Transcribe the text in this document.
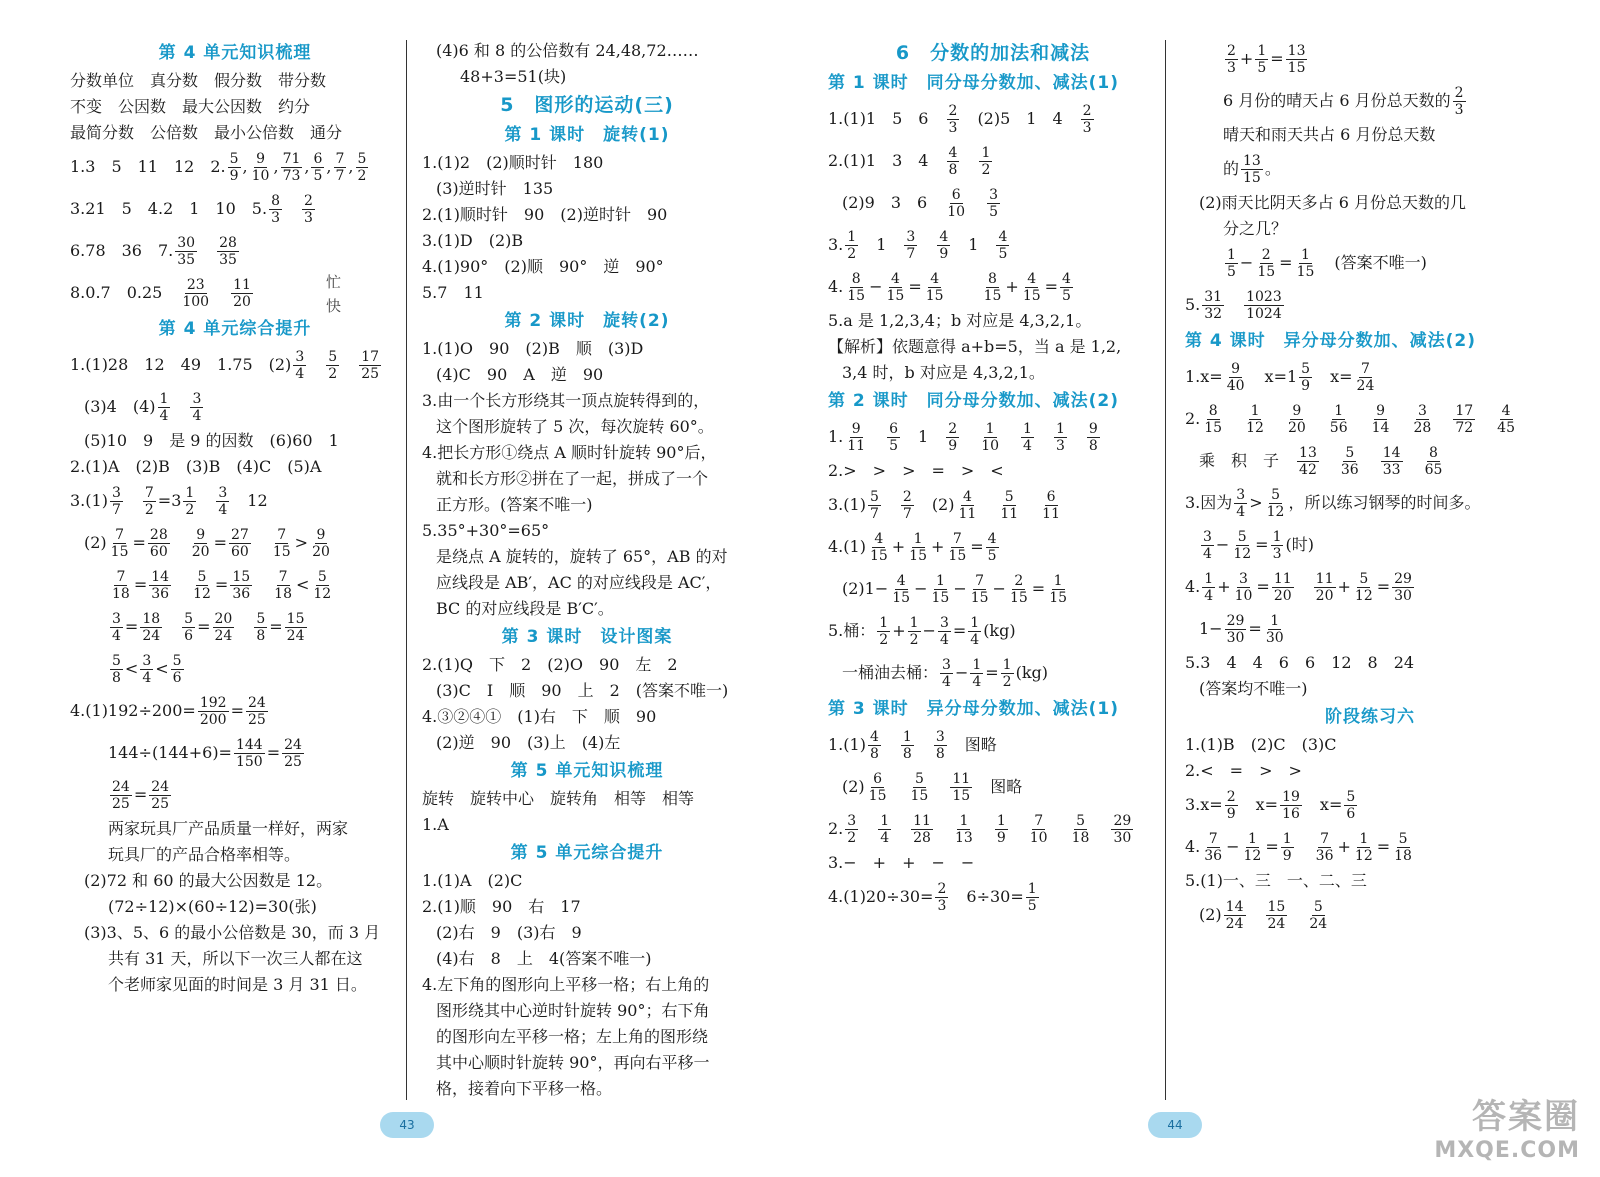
第 4 单元知识梳理
分数单位　真分数　假分数　带分数
不变　公因数　最大公因数　约分
最简分数　公倍数　最小公倍数　通分
1.3　5　11　12　2. $\frac{5}{9}$ , $\frac{9}{10}$ , $\frac{71}{73}$ , $\frac{6}{5}$ , $\frac{7}{7}$ , $\frac{5}{2}$
3.21　5　4.2　1　10　5. $\frac{8}{3}$
　 $\frac{2}{3}$
6.78　36　7. $\frac{30}{35}$
　 $\frac{28}{35}$
8.0.7　0.25　 $\frac{23}{100}$
　 $\frac{11}{20}$
第 4 单元综合提升
1.(1)28　12　49　1.75　$(2) \frac{3}{4}$
　 $\frac{5}{2}$
　 $\frac{17}{25}$
(3)4　$(4) \frac{1}{4}$
　 $\frac{3}{4}$
(5)10　9　是 9 的因数　(6)60　1
2.(1)A　(2)B　(3)B　(4)C　(5)A
$3.(1) \frac{3}{7}$
　 $\frac{7}{2} =3 \frac{1}{2}$
　 $\frac{3}{4}$
　 12
$(2) \frac{7}{15} = \frac{28}{60}$
　 $\frac{9}{20} = \frac{27}{60}$
　 $\frac{7}{15} > \frac{9}{20}$
$\frac{7}{18} = \frac{14}{36}$
　 $\frac{5}{12} = \frac{15}{36}$
　 $\frac{7}{18} < \frac{5}{12}$
$\frac{3}{4} = \frac{18}{24}$
　 $\frac{5}{6} = \frac{20}{24}$
　 $\frac{5}{8} = \frac{15}{24}$
$\frac{5}{8} < \frac{3}{4} < \frac{5}{6}$
$4.(1)192\div 200= \frac{192}{200} = \frac{24}{25}$
$144\div(144+6)= \frac{144}{150} = \frac{24}{25}$
$\frac{24}{25} = \frac{24}{25}$
两家玩具厂产品质量一样好，两家
玩具厂的产品合格率相等。
(2)72 和 60 的最大公因数是 12。
(72÷12)×(60÷12)=30(张)
(3)3、5、6 的最小公倍数是 30，而 3 月
共有 31 天，所以下一次三人都在这
个老师家见面的时间是 3 月 31 日。
忙
快
(4)6 和 8 的公倍数有 24,48,72……
48+3=51(块)
5　图形的运动(三)
第 1 课时　旋转(1)
1.(1)2　(2)顺时针　180
(3)逆时针　135
2.(1)顺时针　90　(2)逆时针　90
3.(1)D　(2)B
4.(1)90°　(2)顺　90°　逆　90°
5.7　11
第 2 课时　旋转(2)
1.(1)O　90　(2)B　顺　(3)D
(4)C　90　A　逆　90
3.由一个长方形绕其一顶点旋转得到的，
这个图形旋转了 5 次，每次旋转 60°。
4.把长方形①绕点 A 顺时针旋转 90°后，
就和长方形②拼在了一起，拼成了一个
正方形。(答案不唯一)
5.35°+30°=65°
是绕点 A 旋转的，旋转了 65°，AB 的对
应线段是 AB′，AC 的对应线段是 AC′，
BC 的对应线段是 B′C′。
第 3 课时　设计图案
2.(1)Q　下　2　(2)O　90　左　2
(3)C　I　顺　90　上　2　(答案不唯一)
4.③②④①　(1)右　下　顺　90
(2)逆　90　(3)上　(4)左
第 5 单元知识梳理
旋转　旋转中心　旋转角　相等　相等
1.A
第 5 单元综合提升
1.(1)A　(2)C
2.(1)顺　90　右　17
(2)右　9　(3)右　9
(4)右　8　上　4(答案不唯一)
4.左下角的图形向上平移一格；右上角的
图形绕其中心逆时针旋转 90°；右下角
的图形向左平移一格；左上角的图形绕
其中心顺时针旋转 90°，再向右平移一
格，接着向下平移一格。
43
6　分数的加法和减法
第 1 课时　同分母分数加、减法(1)
1.(1)1　5　6　 $\frac{2}{3}$
　 (2)5　1　4　 $\frac{2}{3}$
2.(1)1　3　4　 $\frac{4}{8}$
　 $\frac{1}{2}$
(2)9　3　6　 $\frac{6}{10}$
　 $\frac{3}{5}$
3. $\frac{1}{2}$
　 1　 $\frac{3}{7}$
　 $\frac{4}{9}$
　 1　 $\frac{4}{5}$
4. $\frac{8}{15} - \frac{4}{15} = \frac{4}{15}$
　　	$\frac{8}{15} + \frac{4}{15} = \frac{4}{5}$
5.a 是 1,2,3,4；b 对应是 4,3,2,1。
【解析】依题意得 a+b=5，当 a 是 1,2,
3,4 时，b 对应是 4,3,2,1。
第 2 课时　同分母分数加、减法(2)
1. $\frac{9}{11}$
　 $\frac{6}{5}$
　 1　 $\frac{2}{9}$
　 $\frac{1}{10}$
　 $\frac{1}{4}$
　 $\frac{1}{3}$
　 $\frac{9}{8}$
2.>　>　>　=　>　<
$3.(1) \frac{5}{7}$
　 $\frac{2}{7}$
　 $(2) \frac{4}{11}$
　 $\frac{5}{11}$
　 $\frac{6}{11}$
$4.(1) \frac{4}{15} + \frac{1}{15} + \frac{7}{15} = \frac{4}{5}$
$(2)1- \frac{4}{15} - \frac{1}{15} - \frac{7}{15} - \frac{2}{15} = \frac{1}{15}$
5.桶： $\frac{1}{2} + \frac{1}{2} - \frac{3}{4} = \frac{1}{4} (kg)$
一桶油去桶： $\frac{3}{4} - \frac{1}{4} = \frac{1}{2} (kg)$
第 3 课时　异分母分数加、减法(1)
$1.(1) \frac{4}{8}$
　 $\frac{1}{8}$
　 $\frac{3}{8}$
　 图略
$(2) \frac{6}{15}$
　 $\frac{5}{15}$
　 $\frac{11}{15}$
　 图略
2. $\frac{3}{2}$
　 $\frac{1}{4}$
　 $\frac{11}{28}$
　 $\frac{1}{13}$
　 $\frac{1}{9}$
　 $\frac{7}{10}$
　 $\frac{5}{18}$
　 $\frac{29}{30}$
3.−　+　+　−　−
$4.(1)20\div 30= \frac{2}{3}$
　 $6\div 30= \frac{1}{5}$
$\frac{2}{3} + \frac{1}{5} = \frac{13}{15}$
6 月份的晴天占 6 月份总天数的 $\frac{2}{3}$
晴天和雨天共占 6 月份总天数
的 $\frac{13}{15}$ 。
(2)雨天比阴天多占 6 月份总天数的几
分之几？
$\frac{1}{5} - \frac{2}{15} = \frac{1}{15}$
　 (答案不唯一)
5. $\frac{31}{32}$
　 $\frac{1023}{1024}$
第 4 课时　异分母分数加、减法(2)
$1.x= \frac{9}{40}$
　 $x=1 \frac{5}{9}$
　 $x= \frac{7}{24}$
2. $\frac{8}{15}$
　 $\frac{1}{12}$
　 $\frac{9}{20}$
　 $\frac{1}{56}$
　 $\frac{9}{14}$
　 $\frac{3}{28}$
　 $\frac{17}{72}$
　 $\frac{4}{45}$
乘　积　子　 $\frac{13}{42}$
　 $\frac{5}{36}$
　 $\frac{14}{33}$
　 $\frac{8}{65}$
3.因为 $\frac{3}{4} > \frac{5}{12}$ ，所以练习钢琴的时间多。
$\frac{3}{4} - \frac{5}{12} = \frac{1}{3}$ (时)
4. $\frac{1}{4} + \frac{3}{10} = \frac{11}{20}$
　 $\frac{11}{20} + \frac{5}{12} = \frac{29}{30}$
$1- \frac{29}{30} = \frac{1}{30}$
5.3　4　4　6　6　12　8　24
(答案均不唯一)
阶段练习六
1.(1)B　(2)C　(3)C
2.<　=　>　>
$3.x= \frac{2}{9}$
　 $x= \frac{19}{16}$
　 $x= \frac{5}{6}$
4. $\frac{7}{36} - \frac{1}{12} = \frac{1}{9}$
　 $\frac{7}{36} + \frac{1}{12} = \frac{5}{18}$
5.(1)一、三　一、二、三
$(2) \frac{14}{24}$
　 $\frac{15}{24}$
　 $\frac{5}{24}$
44	答案圈
MXQE.COM
